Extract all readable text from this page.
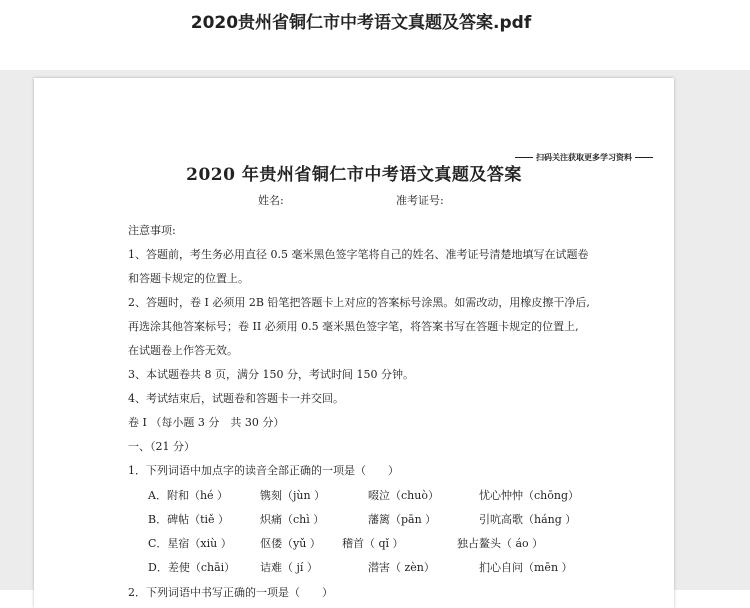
2020贵州省铜仁市中考语文真题及答案.pdf
扫码关注获取更多学习资料
2020 年贵州省铜仁市中考语文真题及答案
姓名:	准考证号:
注意事项:
1、答题前，考生务必用直径 0.5 毫米黑色签字笔将自己的姓名、准考证号清楚地填写在试题卷
和答题卡规定的位置上。
2、答题时，卷 I 必须用 2B 铅笔把答题卡上对应的答案标号涂黑。如需改动，用橡皮擦干净后,
再选涂其他答案标号；卷 II 必须用 0.5 毫米黑色签字笔，将答案书写在答题卡规定的位置上,
在试题卷上作答无效。
3、本试题卷共 8 页，满分 150 分，考试时间 150 分钟。
4、考试结束后，试题卷和答题卡一并交回。
卷 I （每小题 3 分　共 30 分）
一、（21 分）
1．下列词语中加点字的读音全部正确的一项是（　　）
A．附和（hé ）	镌刻（jùn ）	啜泣（chuò）	忧心忡忡（chōng）
B．碑帖（tiě ）	炽痛（chì ）	藩篱（pān ）	引吭高歌（háng ）
C．星宿（xiù ）	伛偻（yǔ ） 稽首（ qǐ ）	独占鳌头（ áo ）
D．差使（chāi） 诘难（ jí ）	潜害（ zèn）	扪心自问（mēn ）
2．下列词语中书写正确的一项是（　　）
